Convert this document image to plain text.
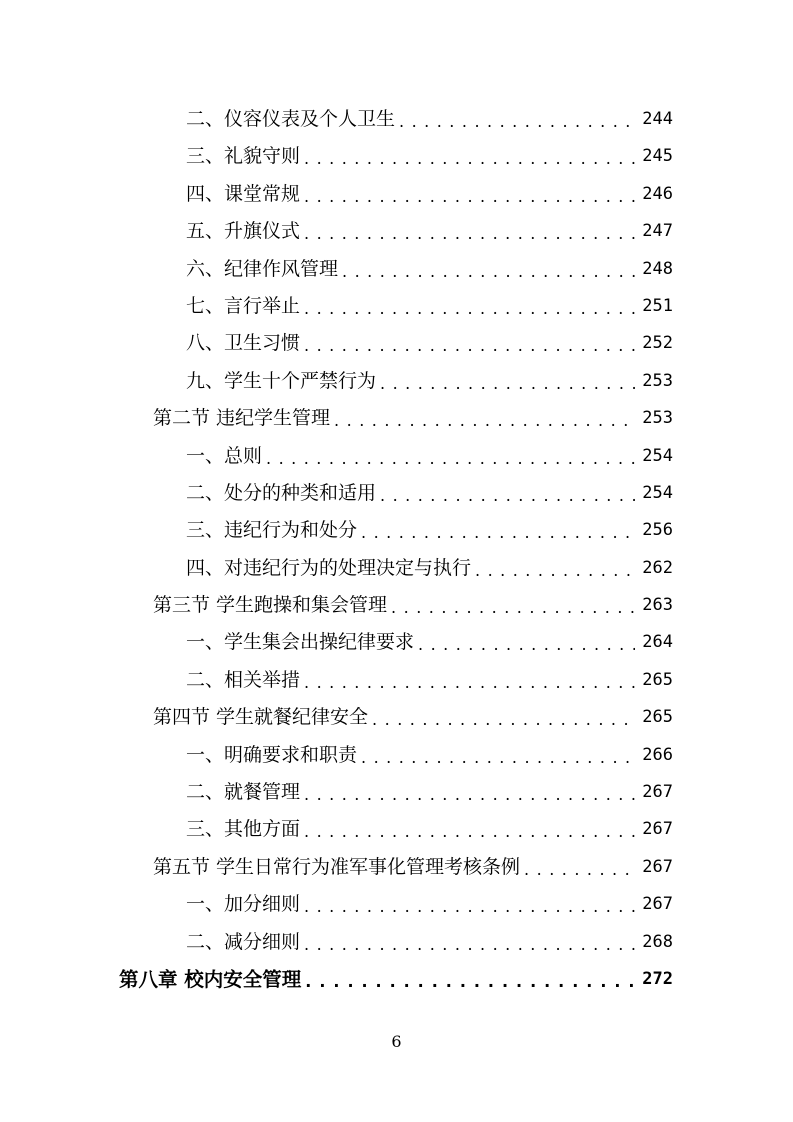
二、仪容仪表及个人卫生 . . .	244
三、礼貌守则 . . .	245
四、课堂常规 . . .	246
五、升旗仪式 . . .	247
六、纪律作风管理 . . .	248
七、言行举止 . . .	251
八、卫生习惯 . . .	252
九、学生十个严禁行为 . . .	253
第二节 违纪学生管理 . . .	253
一、总则 . . .	254
二、处分的种类和适用 . . .	254
三、违纪行为和处分 . . .	256
四、对违纪行为的处理决定与执行 . . .	262
第三节 学生跑操和集会管理 . . .	263
一、学生集会出操纪律要求 . . .	264
二、相关举措 . . .	265
第四节 学生就餐纪律安全 . . .	265
一、明确要求和职责 . . .	266
二、就餐管理 . . .	267
三、其他方面 . . .	267
第五节 学生日常行为准军事化管理考核条例 . . .	267
一、加分细则 . . .	267
二、减分细则 . . .	268
第八章 校内安全管理 . . .	272
6
